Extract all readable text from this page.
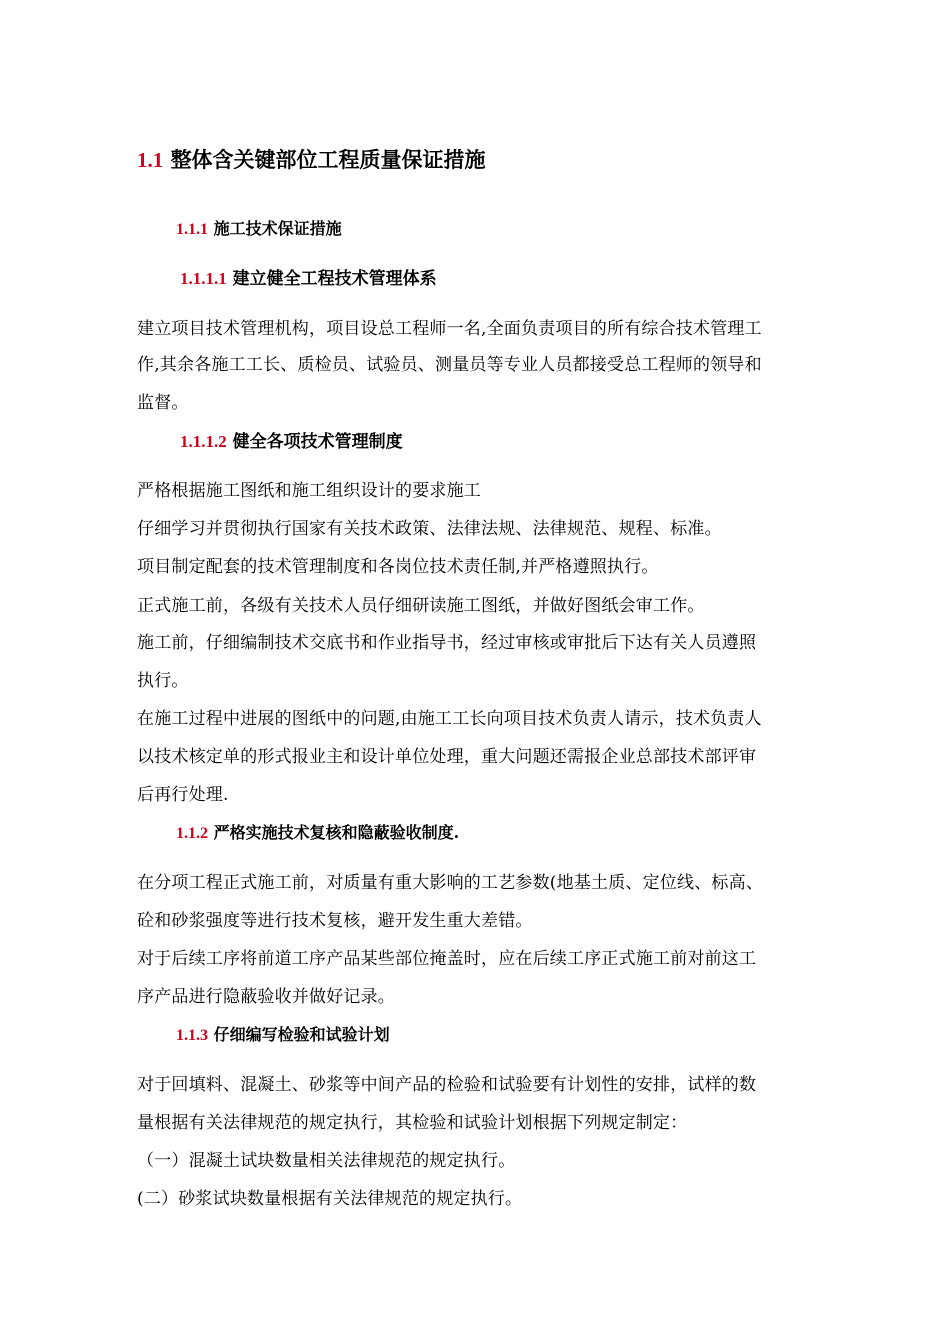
1.1 整体含关键部位工程质量保证措施
1.1.1 施工技术保证措施
1.1.1.1 建立健全工程技术管理体系

建立项目技术管理机构，项目设总工程师一名,全面负责项目的所有综合技术管理工

作,其余各施工工长、质检员、试验员、测量员等专业人员都接受总工程师的领导和

监督。

1.1.1.2 健全各项技术管理制度

严格根据施工图纸和施工组织设计的要求施工

仔细学习并贯彻执行国家有关技术政策、法律法规、法律规范、规程、标准。

项目制定配套的技术管理制度和各岗位技术责任制,并严格遵照执行。

正式施工前，各级有关技术人员仔细研读施工图纸，并做好图纸会审工作。

施工前，仔细编制技术交底书和作业指导书，经过审核或审批后下达有关人员遵照

执行。

在施工过程中进展的图纸中的问题,由施工工长向项目技术负责人请示，技术负责人

以技术核定单的形式报业主和设计单位处理，重大问题还需报企业总部技术部评审

后再行处理.

1.1.2 严格实施技术复核和隐蔽验收制度.

在分项工程正式施工前，对质量有重大影响的工艺参数(地基土质、定位线、标高、

砼和砂浆强度等进行技术复核，避开发生重大差错。

对于后续工序将前道工序产品某些部位掩盖时，应在后续工序正式施工前对前这工

序产品进行隐蔽验收并做好记录。

1.1.3 仔细编写检验和试验计划

对于回填料、混凝土、砂浆等中间产品的检验和试验要有计划性的安排，试样的数

量根据有关法律规范的规定执行，其检验和试验计划根据下列规定制定：

（一）混凝土试块数量相关法律规范的规定执行。

(二）砂浆试块数量根据有关法律规范的规定执行。
